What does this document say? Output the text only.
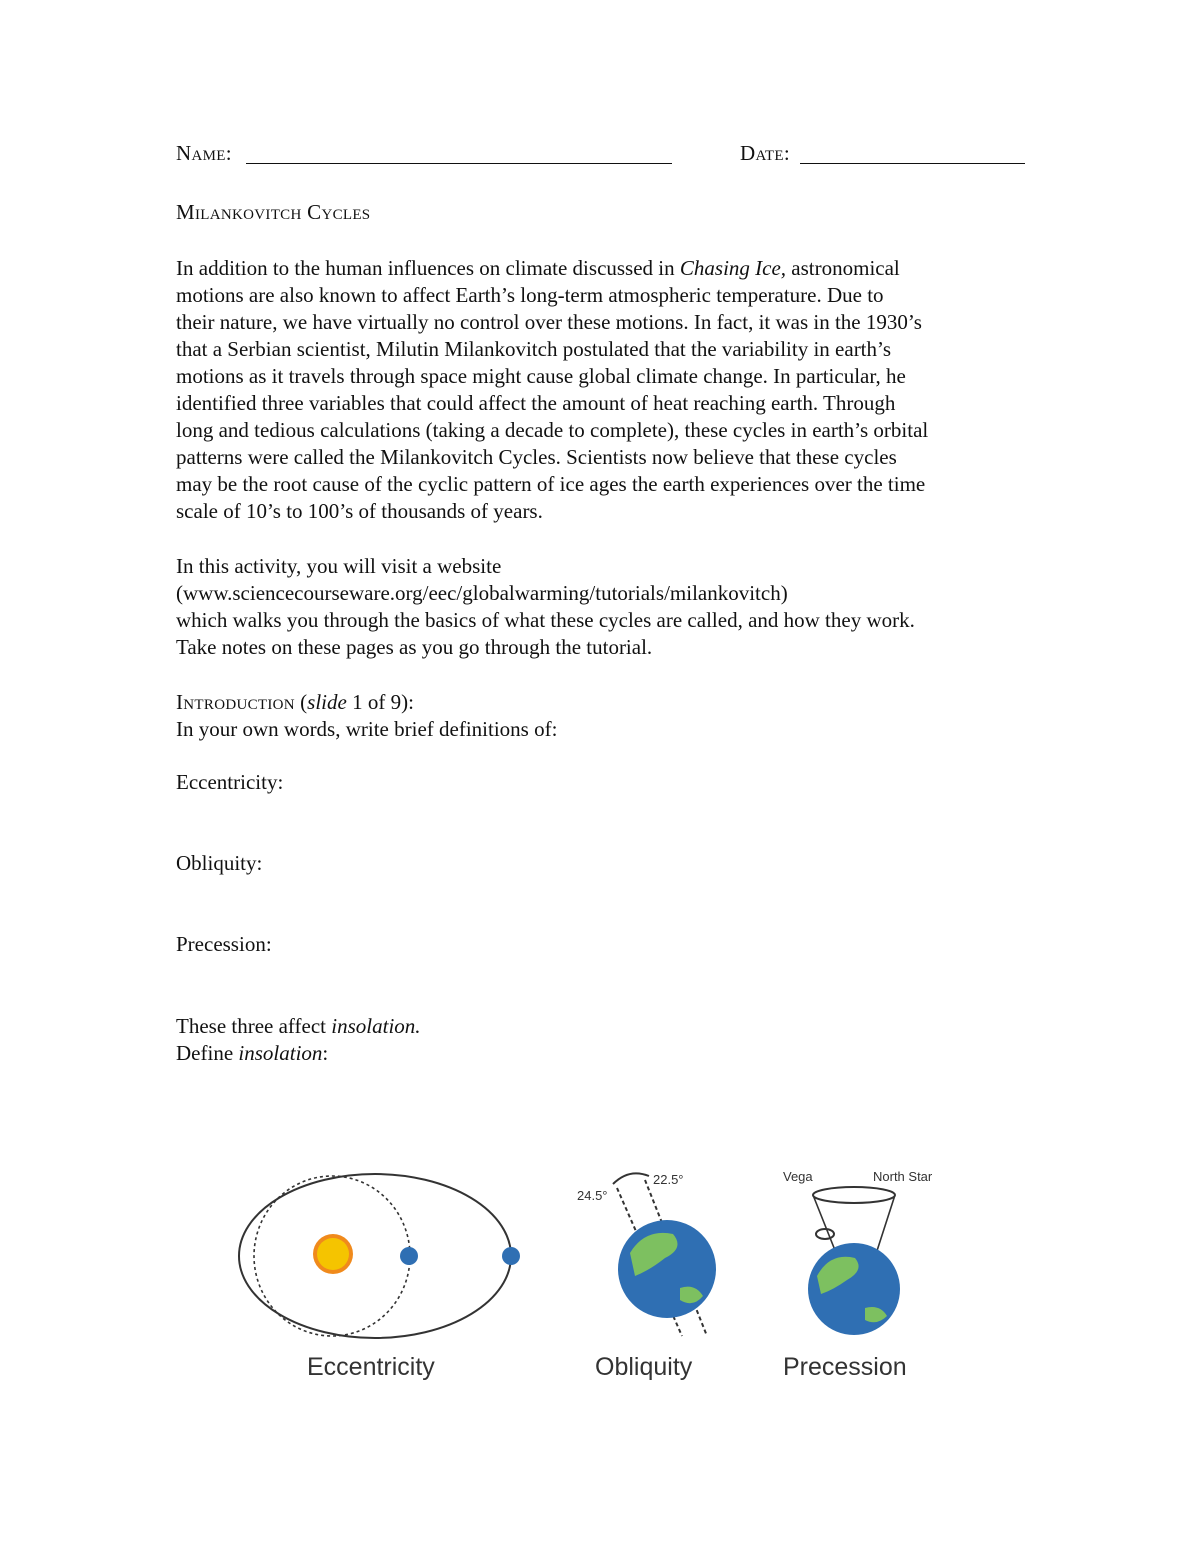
Name:	Date:
Milankovitch Cycles
In addition to the human influences on climate discussed in Chasing Ice, astronomical
motions are also known to affect Earth’s long-term atmospheric temperature. Due to
their nature, we have virtually no control over these motions. In fact, it was in the 1930’s
that a Serbian scientist, Milutin Milankovitch postulated that the variability in earth’s
motions as it travels through space might cause global climate change. In particular, he
identified three variables that could affect the amount of heat reaching earth. Through
long and tedious calculations (taking a decade to complete), these cycles in earth’s orbital
patterns were called the Milankovitch Cycles. Scientists now believe that these cycles
may be the root cause of the cyclic pattern of ice ages the earth experiences over the time
scale of 10’s to 100’s of thousands of years.
In this activity, you will visit a website
(www.sciencecourseware.org/eec/globalwarming/tutorials/milankovitch)
which walks you through the basics of what these cycles are called, and how they work.
Take notes on these pages as you go through the tutorial.
Introduction (slide 1 of 9):
In your own words, write brief definitions of:
Eccentricity:
Obliquity:
Precession:
These three affect insolation.
Define insolation:
24.5°
22.5°	Vega	North Star
Eccentricity	Obliquity	Precession
